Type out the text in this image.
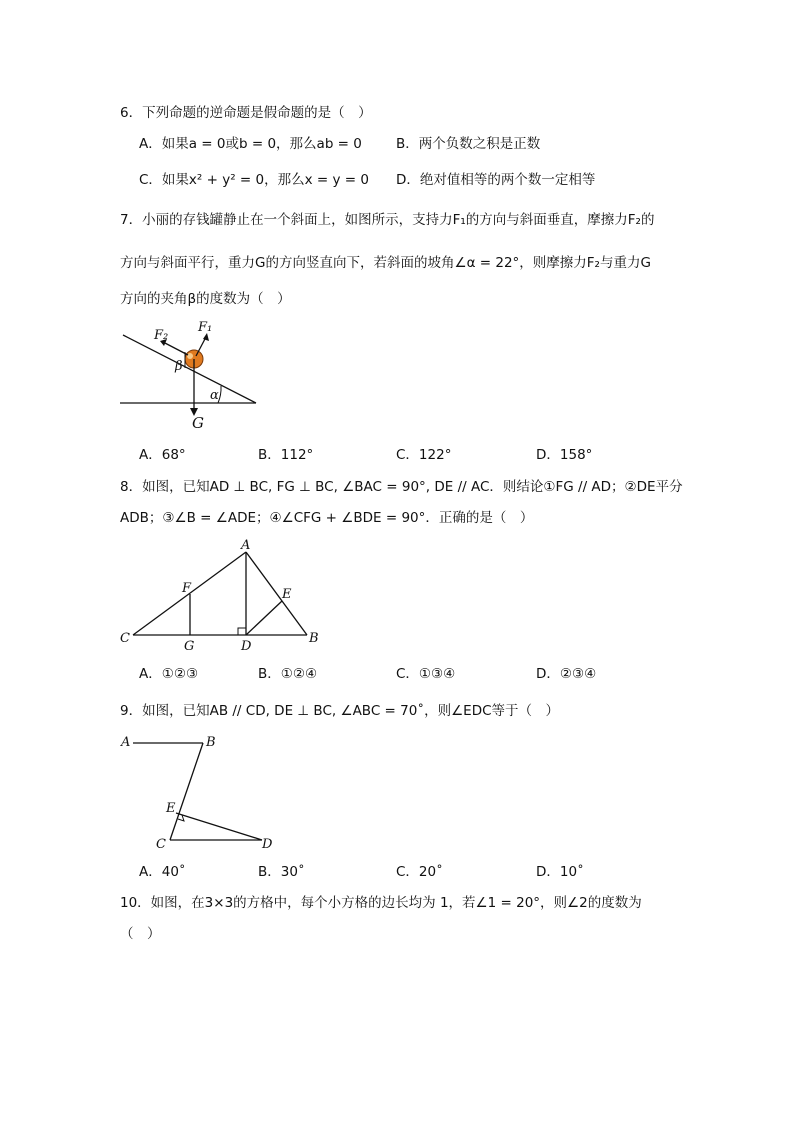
6．下列命题的逆命题是假命题的是（　）
A．如果a = 0或b = 0，那么ab = 0	B．两个负数之积是正数
C．如果x² + y² = 0，那么x = y = 0 D．绝对值相等的两个数一定相等
7．小丽的存钱罐静止在一个斜面上，如图所示，支持力F₁的方向与斜面垂直，摩擦力F₂的
方向与斜面平行，重力G的方向竖直向下，若斜面的坡角∠α = 22°，则摩擦力F₂与重力G
方向的夹角β的度数为（　）
F₂
F₁
β
α
G
A．68°	B．112°	C．122°	D．158°
8．如图，已知AD ⊥ BC, FG ⊥ BC, ∠BAC = 90°, DE // AC．则结论①FG // AD；②DE平分
ADB；③∠B = ∠ADE；④∠CFG + ∠BDE = 90°．正确的是（　）
A
F	E
C
G	D
B
A．①②③	B．①②④	C．①③④	D．②③④
9．如图，已知AB // CD, DE ⊥ BC, ∠ABC = 70˚，则∠EDC等于（　）
A	B
E
C	D
A．40˚	B．30˚	C．20˚	D．10˚
10．如图，在3×3的方格中，每个小方格的边长均为 1，若∠1 = 20°，则∠2的度数为
（　）
